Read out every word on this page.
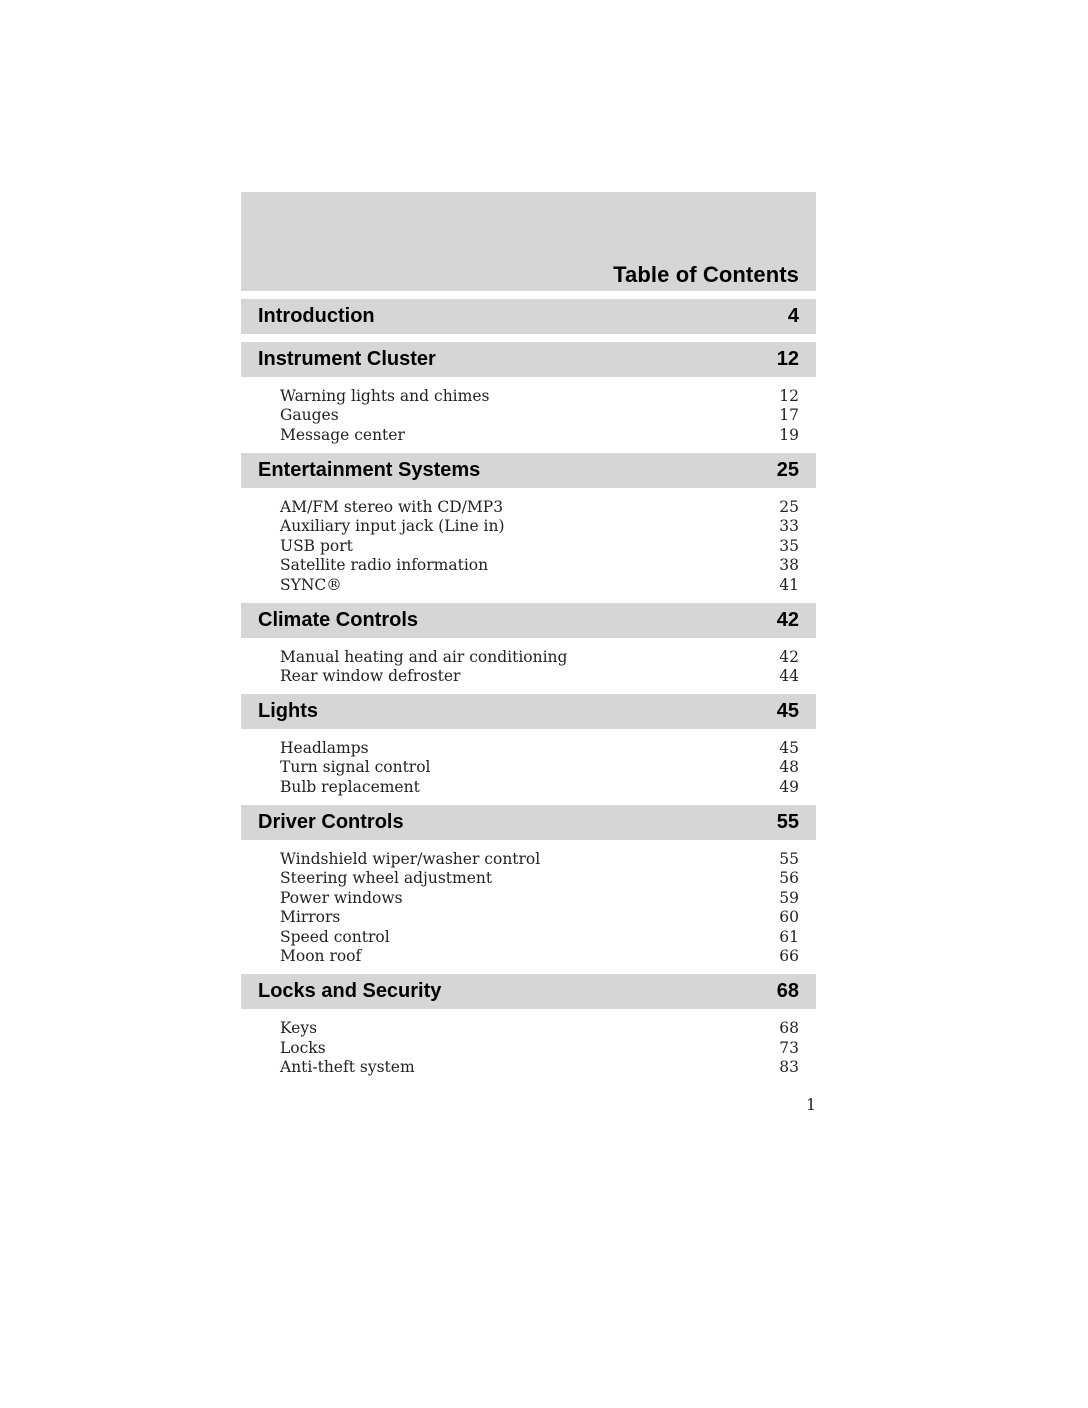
Table of Contents
Introduction	4
Instrument Cluster	12
Warning lights and chimes	12
Gauges	17
Message center	19
Entertainment Systems	25
AM/FM stereo with CD/MP3	25
Auxiliary input jack (Line in)	33
USB port	35
Satellite radio information	38
SYNC®	41
Climate Controls	42
Manual heating and air conditioning	42
Rear window defroster	44
Lights	45
Headlamps	45
Turn signal control	48
Bulb replacement	49
Driver Controls	55
Windshield wiper/washer control	55
Steering wheel adjustment	56
Power windows	59
Mirrors	60
Speed control	61
Moon roof	66
Locks and Security	68
Keys	68
Locks	73
Anti-theft system	83
1
